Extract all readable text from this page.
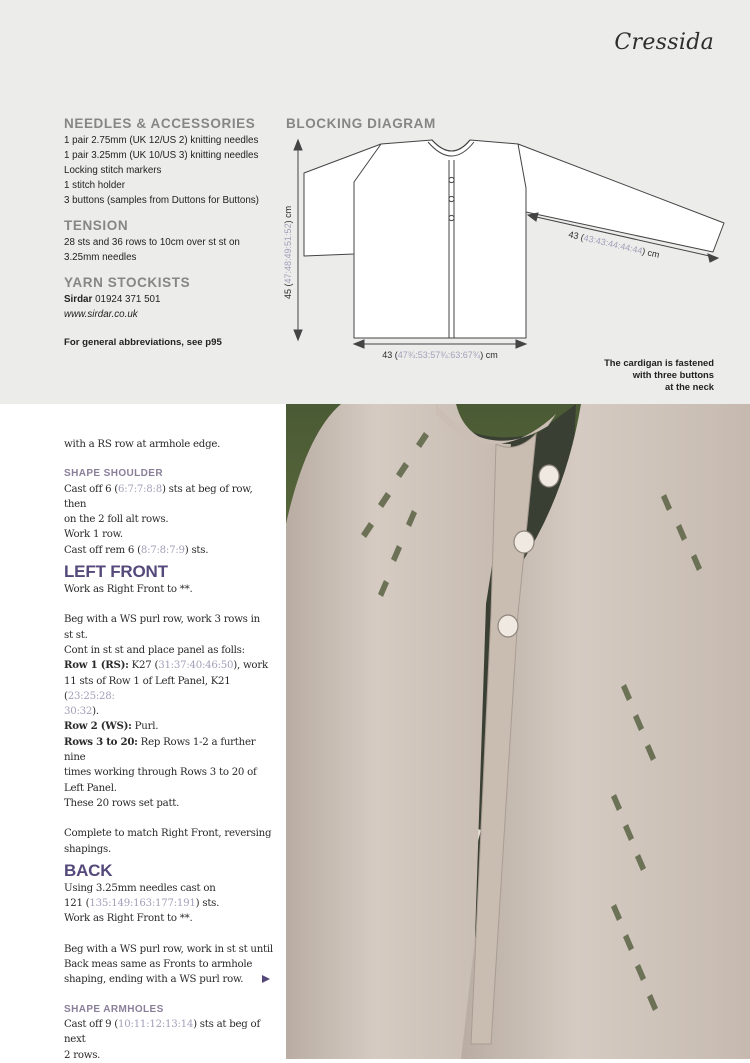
Cressida
NEEDLES & ACCESSORIES
1 pair 2.75mm (UK 12/US 2) knitting needles
1 pair 3.25mm (UK 10/US 3) knitting needles
Locking stitch markers
1 stitch holder
3 buttons (samples from Duttons for Buttons)
TENSION
28 sts and 36 rows to 10cm over st st on
3.25mm needles
YARN STOCKISTS
Sirdar 01924 371 501
www.sirdar.co.uk
For general abbreviations, see p95
BLOCKING DIAGRAM
45 (47:48:49:51:52) cm
43 (47¾:53:57¾:63:67¾) cm
43 (43:43:44:44:44) cm
The cardigan is fastened
with three buttons
at the neck

with a RS row at armhole edge.

SHAPE SHOULDER

Cast off 6 (6:7:7:8:8) sts at beg of row, then

on the 2 foll alt rows.

Work 1 row.

Cast off rem 6 (8:7:8:7:9) sts.

LEFT FRONT

Work as Right Front to **.

Beg with a WS purl row, work 3 rows in

st st.

Cont in st st and place panel as folls:

Row 1 (RS): K27 (31:37:40:46:50), work

11 sts of Row 1 of Left Panel, K21 (23:25:28:

30:32).

Row 2 (WS): Purl.

Rows 3 to 20: Rep Rows 1-2 a further nine

times working through Rows 3 to 20 of

Left Panel.

These 20 rows set patt.

Complete to match Right Front, reversing

shapings.

BACK

Using 3.25mm needles cast on

121 (135:149:163:177:191) sts.

Work as Right Front to **.

Beg with a WS purl row, work in st st until

Back meas same as Fronts to armhole

shaping, ending with a WS purl row.

SHAPE ARMHOLES

Cast off 9 (10:11:12:13:14) sts at beg of next

2 rows.
